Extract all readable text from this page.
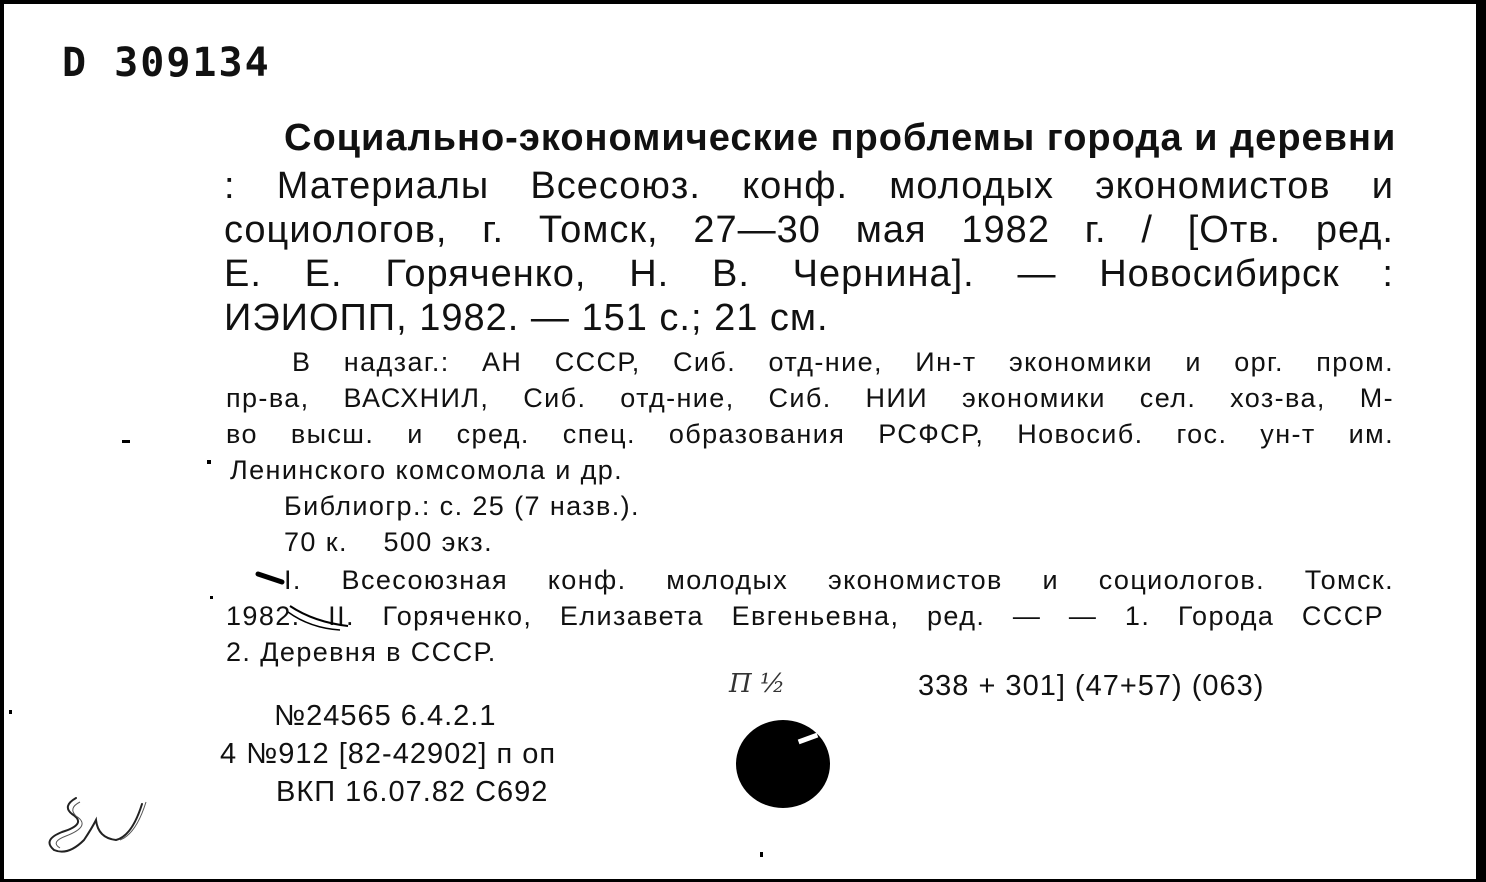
D 309134
Социально-экономические проблемы города и деревни
: Материалы Всесоюз. конф. молодых экономистов и
социологов, г. Томск, 27—30 мая 1982 г. / [Отв. ред.
Е. Е. Горяченко, Н. В. Чернина]. — Новосибирск :
ИЭИОПП, 1982. — 151 с.; 21 см.
В надзаг.: АН СССР, Сиб. отд-ние, Ин-т экономики и орг. пром.
пр-ва, ВАСХНИЛ, Сиб. отд-ние, Сиб. НИИ экономики сел. хоз-ва, М-
во высш. и сред. спец. образования РСФСР, Новосиб. гос. ун-т им.
Ленинского комсомола и др.
Библиогр.: с. 25 (7 назв.).
70 к.    500 экз.
I. Всесоюзная конф. молодых экономистов и социологов. Томск.
1982. II. Горяченко, Елизавета Евгеньевна, ред. — — 1. Города СССР
2. Деревня в СССР.
338 + 301] (47+57) (063)
П ½
№24565 6.4.2.1
4 №912 [82-42902] п оп
ВКП 16.07.82 С692
